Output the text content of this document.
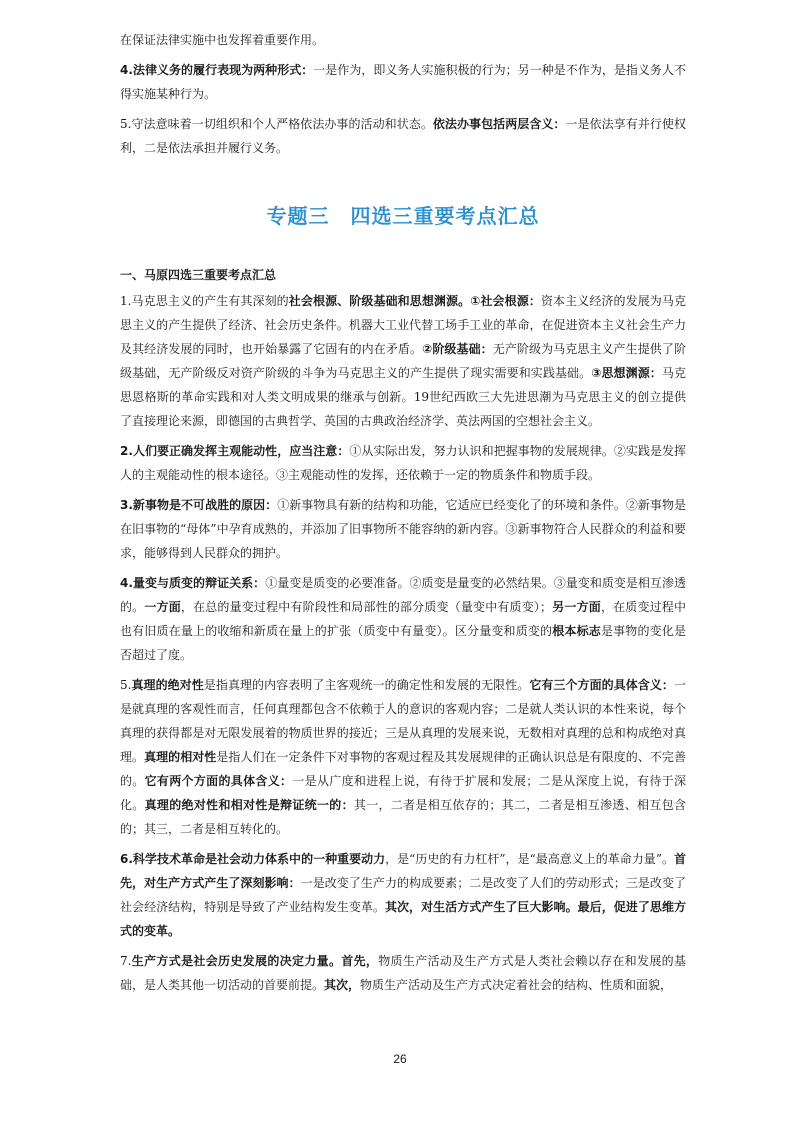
在保证法律实施中也发挥着重要作用。

4.法律义务的履行表现为两种形式：一是作为，即义务人实施积极的行为；另一种是不作为，是指义务人不得实施某种行为。

5.守法意味着一切组织和个人严格依法办事的活动和状态。依法办事包括两层含义：一是依法享有并行使权利，二是依法承担并履行义务。

专题三　四选三重要考点汇总
一、马原四选三重要考点汇总

1.马克思主义的产生有其深刻的社会根源、阶级基础和思想渊源。①社会根源：资本主义经济的发展为马克思主义的产生提供了经济、社会历史条件。机器大工业代替工场手工业的革命，在促进资本主义社会生产力及其经济发展的同时，也开始暴露了它固有的内在矛盾。②阶级基础：无产阶级为马克思主义产生提供了阶级基础，无产阶级反对资产阶级的斗争为马克思主义的产生提供了现实需要和实践基础。③思想渊源：马克思恩格斯的革命实践和对人类文明成果的继承与创新。19世纪西欧三大先进思潮为马克思主义的创立提供了直接理论来源，即德国的古典哲学、英国的古典政治经济学、英法两国的空想社会主义。

2.人们要正确发挥主观能动性，应当注意：①从实际出发，努力认识和把握事物的发展规律。②实践是发挥人的主观能动性的根本途径。③主观能动性的发挥，还依赖于一定的物质条件和物质手段。

3.新事物是不可战胜的原因：①新事物具有新的结构和功能，它适应已经变化了的环境和条件。②新事物是在旧事物的“母体”中孕育成熟的，并添加了旧事物所不能容纳的新内容。③新事物符合人民群众的利益和要求，能够得到人民群众的拥护。

4.量变与质变的辩证关系：①量变是质变的必要准备。②质变是量变的必然结果。③量变和质变是相互渗透的。一方面，在总的量变过程中有阶段性和局部性的部分质变（量变中有质变）；另一方面，在质变过程中也有旧质在量上的收缩和新质在量上的扩张（质变中有量变）。区分量变和质变的根本标志是事物的变化是否超过了度。

5.真理的绝对性是指真理的内容表明了主客观统一的确定性和发展的无限性。它有三个方面的具体含义：一是就真理的客观性而言，任何真理都包含不依赖于人的意识的客观内容；二是就人类认识的本性来说，每个真理的获得都是对无限发展着的物质世界的接近；三是从真理的发展来说，无数相对真理的总和构成绝对真理。真理的相对性是指人们在一定条件下对事物的客观过程及其发展规律的正确认识总是有限度的、不完善的。它有两个方面的具体含义：一是从广度和进程上说，有待于扩展和发展；二是从深度上说，有待于深化。真理的绝对性和相对性是辩证统一的：其一，二者是相互依存的；其二，二者是相互渗透、相互包含的；其三，二者是相互转化的。

6.科学技术革命是社会动力体系中的一种重要动力，是“历史的有力杠杆”，是“最高意义上的革命力量”。首先，对生产方式产生了深刻影响：一是改变了生产力的构成要素；二是改变了人们的劳动形式；三是改变了社会经济结构，特别是导致了产业结构发生变革。其次，对生活方式产生了巨大影响。最后，促进了思维方式的变革。

7.生产方式是社会历史发展的决定力量。首先，物质生产活动及生产方式是人类社会赖以存在和发展的基础，是人类其他一切活动的首要前提。其次，物质生产活动及生产方式决定着社会的结构、性质和面貌，

26
